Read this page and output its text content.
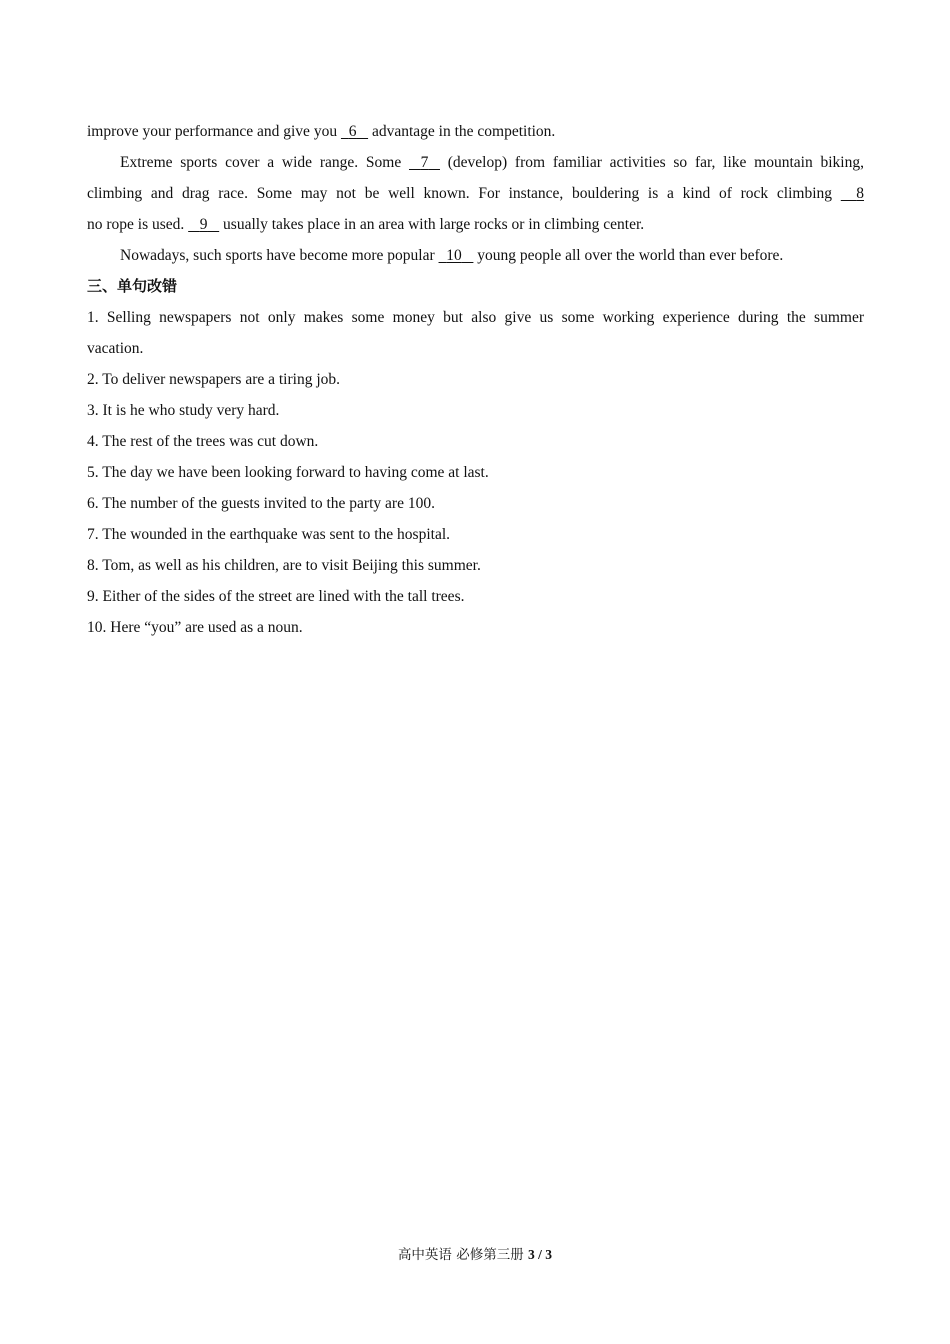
improve your performance and give you 6 advantage in the competition.
Extreme sports cover a wide range. Some 7 (develop) from familiar activities so far, like mountain biking,
climbing and drag race. Some may not be well known. For instance, bouldering is a kind of rock climbing 8
no rope is used. 9 usually takes place in an area with large rocks or in climbing center.
Nowadays, such sports have become more popular 10 young people all over the world than ever before.
三、单句改错
1. Selling newspapers not only makes some money but also give us some working experience during the summer
vacation.
2. To deliver newspapers are a tiring job.
3. It is he who study very hard.
4. The rest of the trees was cut down.
5. The day we have been looking forward to having come at last.
6. The number of the guests invited to the party are 100.
7. The wounded in the earthquake was sent to the hospital.
8. Tom, as well as his children, are to visit Beijing this summer.
9. Either of the sides of the street are lined with the tall trees.
10. Here “you” are used as a noun.
高中英语 必修第三册 3 / 3
